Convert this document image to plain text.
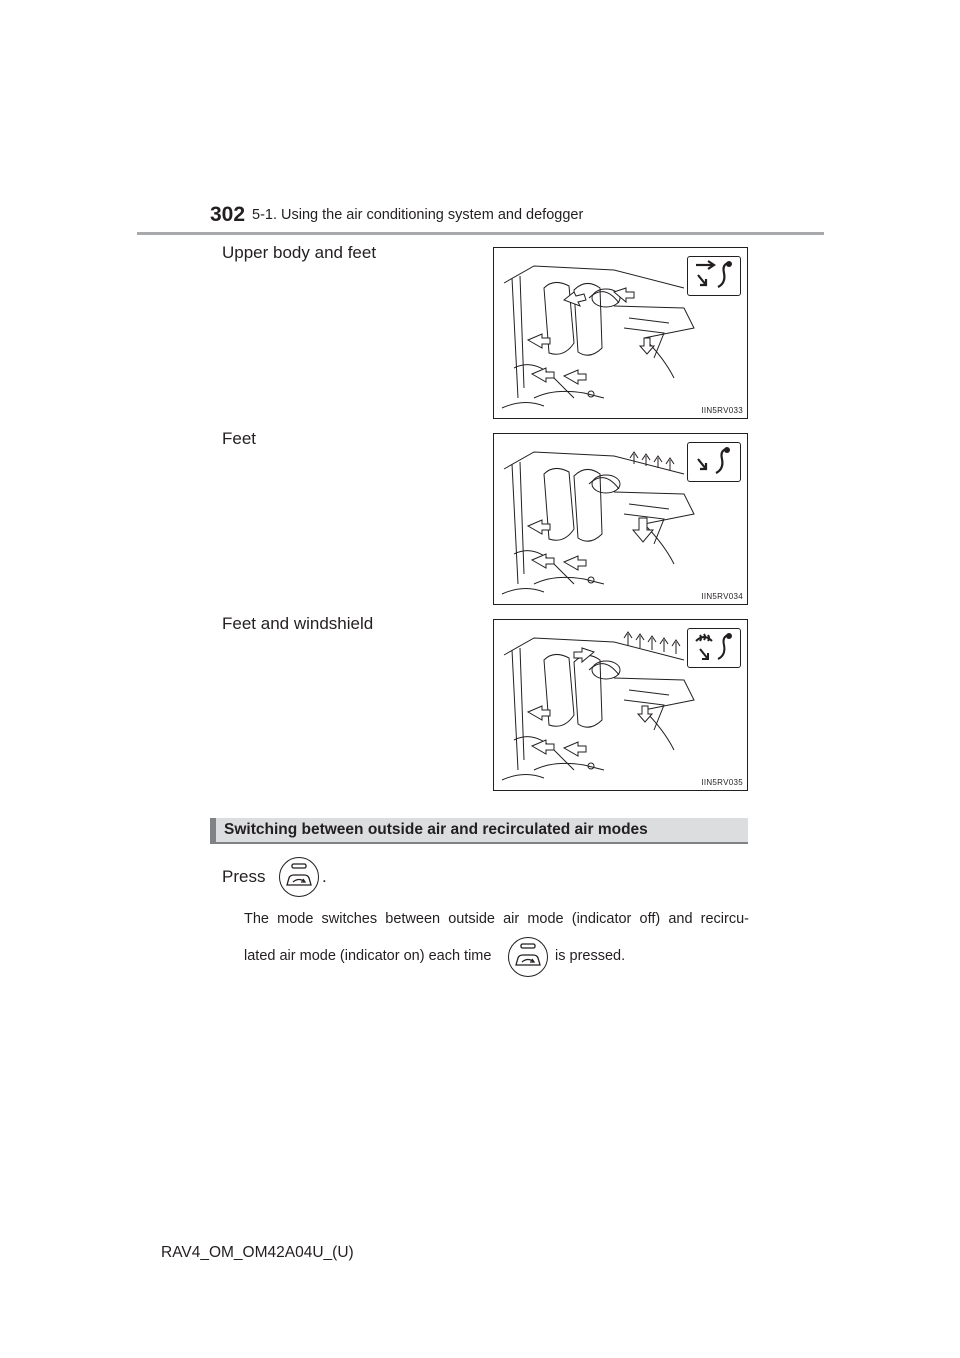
302 5-1. Using the air conditioning system and defogger
Upper body and feet
IIN5RV033
Feet
IIN5RV034
Feet and windshield
IIN5RV035
Switching between outside air and recirculated air modes
Press	.
The mode switches between outside air mode (indicator off) and recircu-
lated air mode (indicator on) each time	is pressed.
RAV4_OM_OM42A04U_(U)
